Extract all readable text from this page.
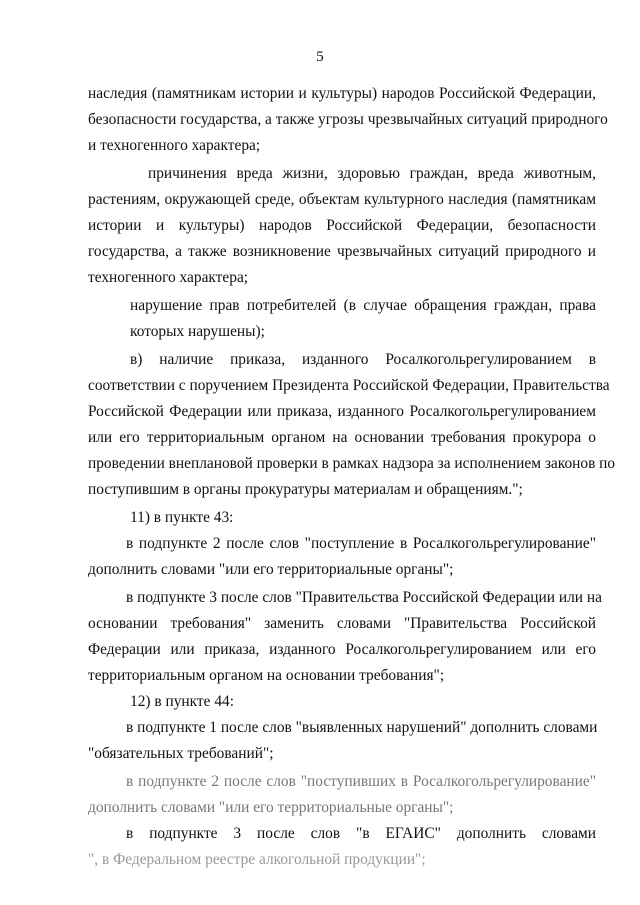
5
наследия (памятникам истории и культуры) народов Российской Федерации,
безопасности государства, а также угрозы чрезвычайных ситуаций природного
и техногенного характера;
причинения вреда жизни, здоровью граждан, вреда животным,
растениям, окружающей среде, объектам культурного наследия (памятникам
истории и культуры) народов Российской Федерации, безопасности
государства, а также возникновение чрезвычайных ситуаций природного и
техногенного характера;
нарушение прав потребителей (в случае обращения граждан, права
которых нарушены);
в) наличие приказа, изданного Росалкогольрегулированием в
соответствии с поручением Президента Российской Федерации, Правительства
Российской Федерации или приказа, изданного Росалкогольрегулированием
или его территориальным органом на основании требования прокурора о
проведении внеплановой проверки в рамках надзора за исполнением законов по
поступившим в органы прокуратуры материалам и обращениям.";
11) в пункте 43:
в подпункте 2 после слов "поступление в Росалкогольрегулирование"
дополнить словами "или его территориальные органы";
в подпункте 3 после слов "Правительства Российской Федерации или на
основании требования" заменить словами "Правительства Российской
Федерации или приказа, изданного Росалкогольрегулированием или его
территориальным органом на основании требования";
12) в пункте 44:
в подпункте 1 после слов "выявленных нарушений" дополнить словами
"обязательных требований";
в подпункте 2 после слов "поступивших в Росалкогольрегулирование"
дополнить словами "или его территориальные органы";
в подпункте 3 после слов "в ЕГАИС" дополнить словами
", в Федеральном реестре алкогольной продукции";
